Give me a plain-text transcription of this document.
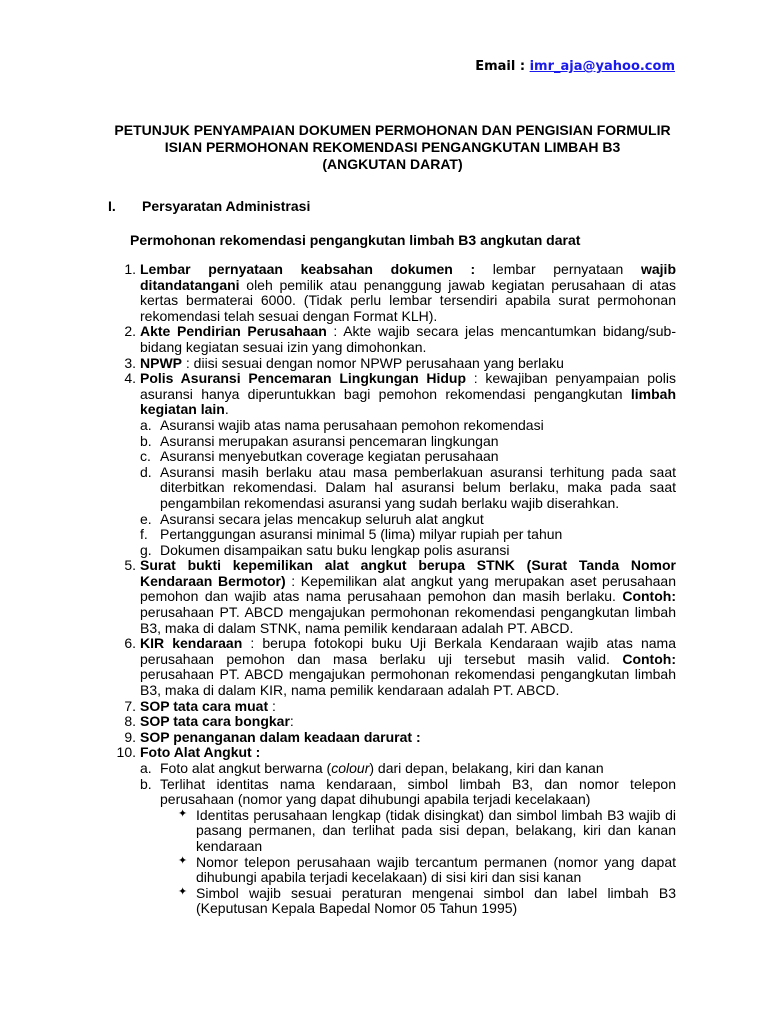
Email : imr_aja@yahoo.com
PETUNJUK PENYAMPAIAN DOKUMEN PERMOHONAN DAN PENGISIAN FORMULIR
ISIAN PERMOHONAN REKOMENDASI PENGANGKUTAN LIMBAH B3
(ANGKUTAN DARAT)
I. Persyaratan Administrasi
Permohonan rekomendasi pengangkutan limbah B3 angkutan darat
1. Lembar pernyataan keabsahan dokumen : lembar pernyataan wajib ditandatangani oleh pemilik atau penanggung jawab kegiatan perusahaan di atas kertas bermaterai 6000. (Tidak perlu lembar tersendiri apabila surat permohonan rekomendasi telah sesuai dengan Format KLH).
2. Akte Pendirian Perusahaan : Akte wajib secara jelas mencantumkan bidang/sub-bidang kegiatan sesuai izin yang dimohonkan.
3. NPWP : diisi sesuai dengan nomor NPWP perusahaan yang berlaku
4. Polis Asuransi Pencemaran Lingkungan Hidup : kewajiban penyampaian polis asuransi hanya diperuntukkan bagi pemohon rekomendasi pengangkutan limbah kegiatan lain.
a. Asuransi wajib atas nama perusahaan pemohon rekomendasi
b. Asuransi merupakan asuransi pencemaran lingkungan
c. Asuransi menyebutkan coverage kegiatan perusahaan
d. Asuransi masih berlaku atau masa pemberlakuan asuransi terhitung pada saat diterbitkan rekomendasi. Dalam hal asuransi belum berlaku, maka pada saat pengambilan rekomendasi asuransi yang sudah berlaku wajib diserahkan.
e. Asuransi secara jelas mencakup seluruh alat angkut
f. Pertanggungan asuransi minimal 5 (lima) milyar rupiah per tahun
g. Dokumen disampaikan satu buku lengkap polis asuransi
5. Surat bukti kepemilikan alat angkut berupa STNK (Surat Tanda Nomor Kendaraan Bermotor) : Kepemilikan alat angkut yang merupakan aset perusahaan pemohon dan wajib atas nama perusahaan pemohon dan masih berlaku. Contoh: perusahaan PT. ABCD mengajukan permohonan rekomendasi pengangkutan limbah B3, maka di dalam STNK, nama pemilik kendaraan adalah PT. ABCD.
6. KIR kendaraan : berupa fotokopi buku Uji Berkala Kendaraan wajib atas nama perusahaan pemohon dan masa berlaku uji tersebut masih valid. Contoh: perusahaan PT. ABCD mengajukan permohonan rekomendasi pengangkutan limbah B3, maka di dalam KIR, nama pemilik kendaraan adalah PT. ABCD.
7. SOP tata cara muat :
8. SOP tata cara bongkar:
9. SOP penanganan dalam keadaan darurat :
10. Foto Alat Angkut :
a. Foto alat angkut berwarna (colour) dari depan, belakang, kiri dan kanan
b. Terlihat identitas nama kendaraan, simbol limbah B3, dan nomor telepon perusahaan (nomor yang dapat dihubungi apabila terjadi kecelakaan)
✦ Identitas perusahaan lengkap (tidak disingkat) dan simbol limbah B3 wajib di pasang permanen, dan terlihat pada sisi depan, belakang, kiri dan kanan kendaraan
✦ Nomor telepon perusahaan wajib tercantum permanen (nomor yang dapat dihubungi apabila terjadi kecelakaan) di sisi kiri dan sisi kanan
✦ Simbol wajib sesuai peraturan mengenai simbol dan label limbah B3 (Keputusan Kepala Bapedal Nomor 05 Tahun 1995)
